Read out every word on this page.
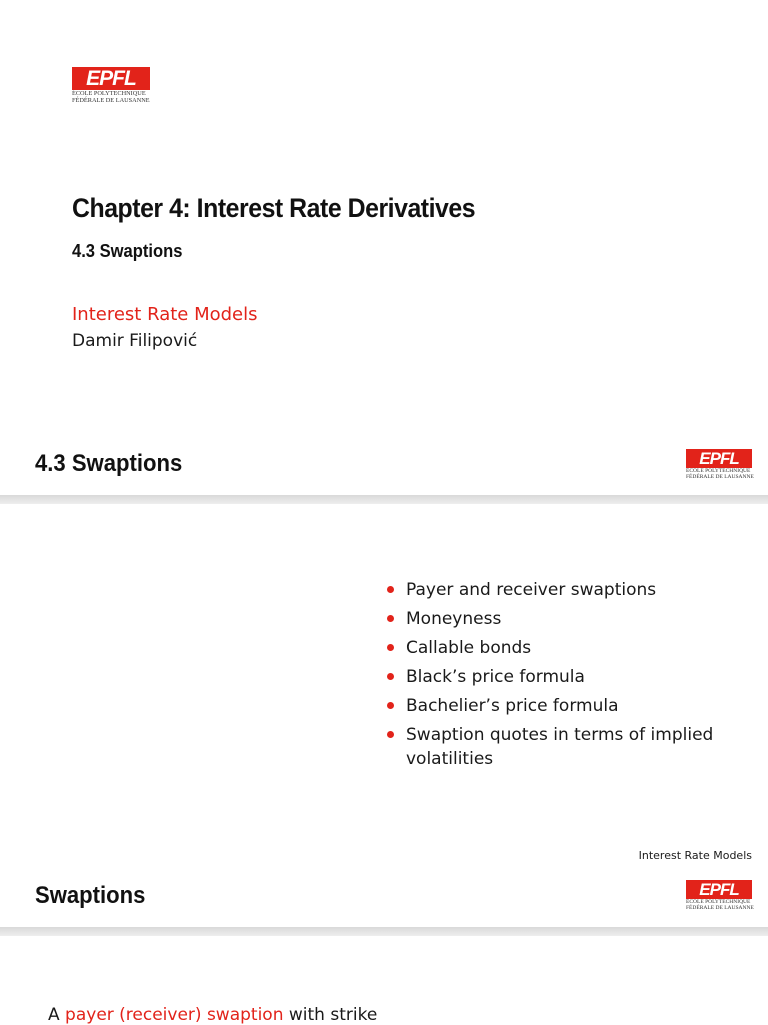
EPFL
ÉCOLE POLYTECHNIQUE
FÉDÉRALE DE LAUSANNE
Chapter 4: Interest Rate Derivatives
4.3 Swaptions
Interest Rate Models
Damir Filipović
4.3 Swaptions	EPFL
ÉCOLE POLYTECHNIQUE
FÉDÉRALE DE LAUSANNE
Payer and receiver swaptions
Moneyness
Callable bonds
Black’s price formula
Bachelier’s price formula
Swaption quotes in terms of implied volatilities
Interest Rate Models
Swaptions	EPFL
ÉCOLE POLYTECHNIQUE
FÉDÉRALE DE LAUSANNE
A payer (receiver) swaption with strike
